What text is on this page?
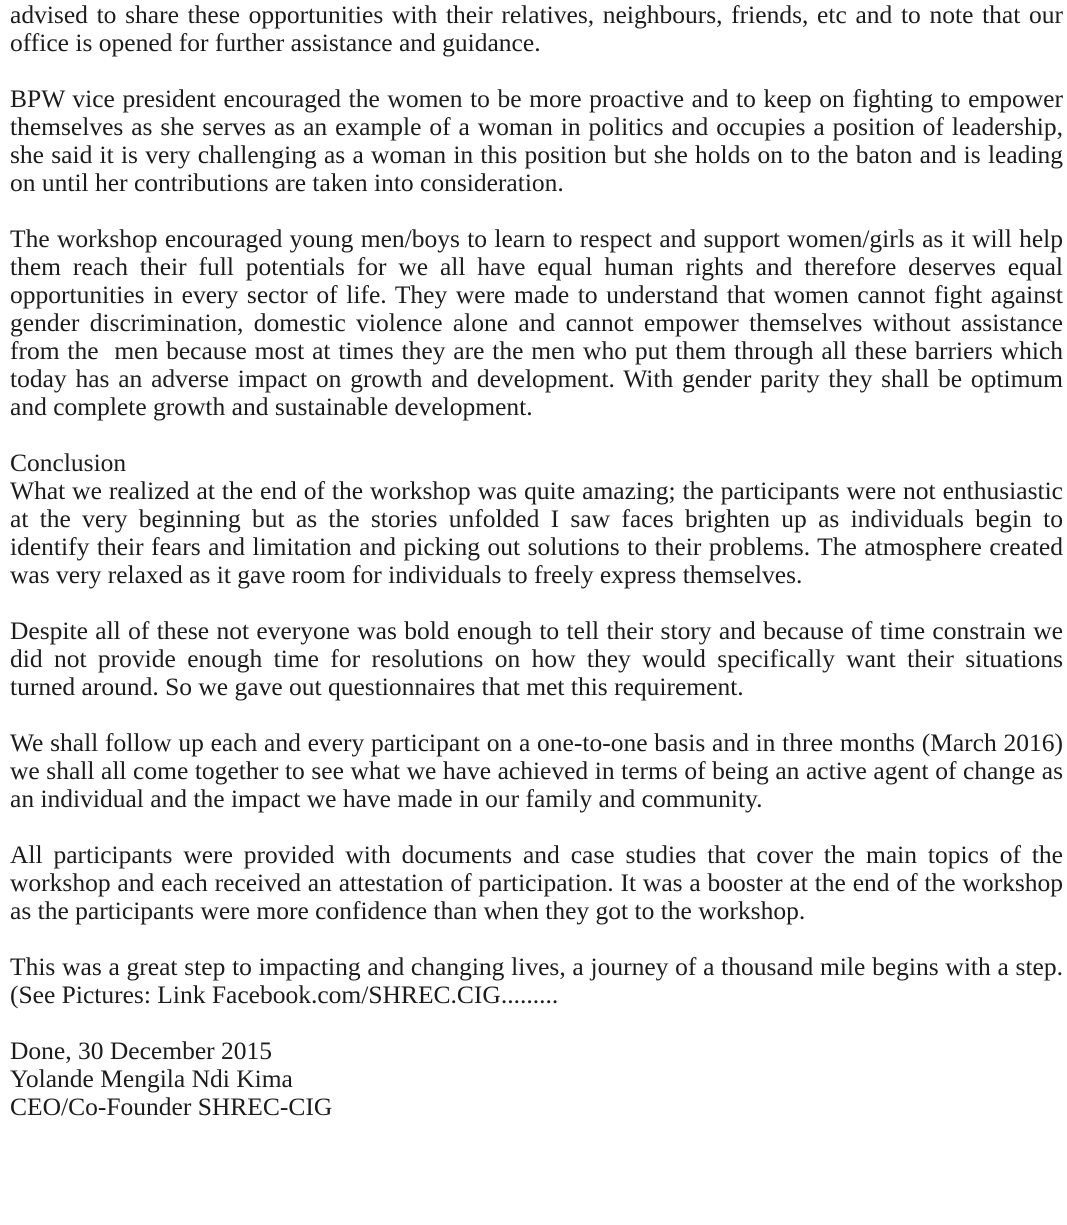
advised to share these opportunities with their relatives, neighbours, friends, etc and to note that our office is opened for further assistance and guidance.

BPW vice president encouraged the women to be more proactive and to keep on fighting to empower themselves as she serves as an example of a woman in politics and occupies a position of leadership, she said it is very challenging as a woman in this position but she holds on to the baton and is leading on until her contributions are taken into consideration.

The workshop encouraged young men/boys to learn to respect and support women/girls as it will help them reach their full potentials for we all have equal human rights and therefore deserves equal opportunities in every sector of life. They were made to understand that women cannot fight against gender discrimination, domestic violence alone and cannot empower themselves without assistance from the  men because most at times they are the men who put them through all these barriers which today has an adverse impact on growth and development. With gender parity they shall be optimum and complete growth and sustainable development.

Conclusion

What we realized at the end of the workshop was quite amazing; the participants were not enthusiastic at the very beginning but as the stories unfolded I saw faces brighten up as individuals begin to identify their fears and limitation and picking out solutions to their problems. The atmosphere created was very relaxed as it gave room for individuals to freely express themselves.

Despite all of these not everyone was bold enough to tell their story and because of time constrain we did not provide enough time for resolutions on how they would specifically want their situations turned around. So we gave out questionnaires that met this requirement.

We shall follow up each and every participant on a one-to-one basis and in three months (March 2016) we shall all come together to see what we have achieved in terms of being an active agent of change as an individual and the impact we have made in our family and community.

All participants were provided with documents and case studies that cover the main topics of the workshop and each received an attestation of participation. It was a booster at the end of the workshop as the participants were more confidence than when they got to the workshop.

This was a great step to impacting and changing lives, a journey of a thousand mile begins with a step. (See Pictures: Link Facebook.com/SHREC.CIG.........

Done, 30 December 2015

Yolande Mengila Ndi Kima

CEO/Co-Founder SHREC-CIG
